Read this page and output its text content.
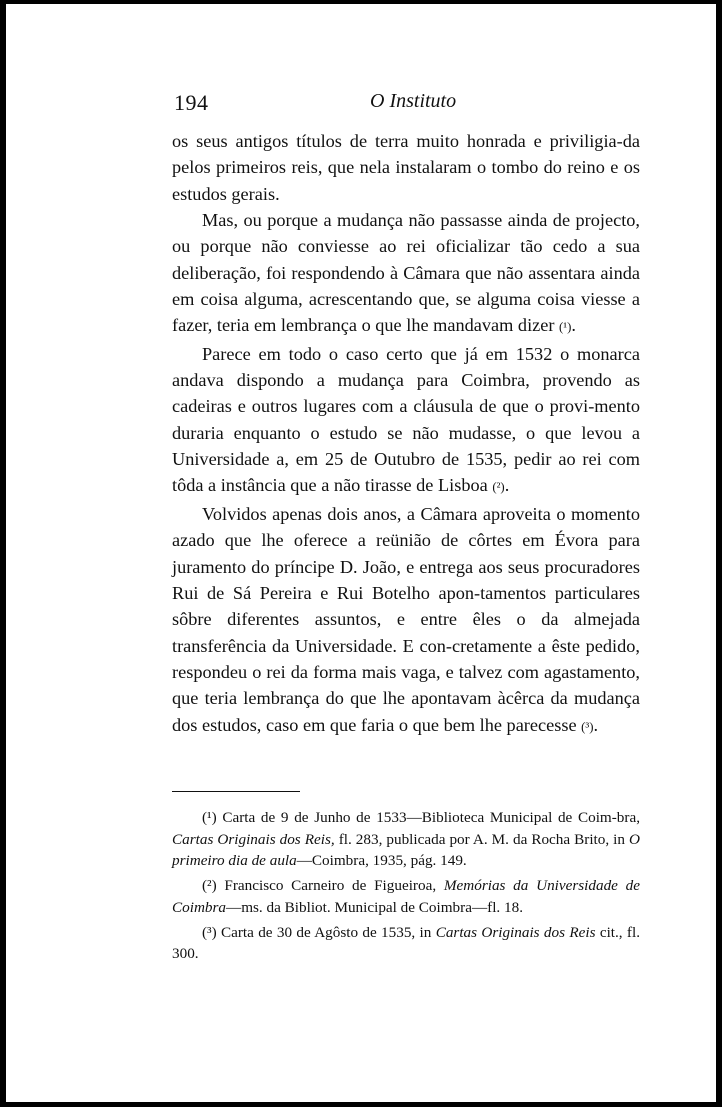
194	O Instituto

os seus antigos títulos de terra muito honrada e priviligia-da pelos primeiros reis, que nela instalaram o tombo do reino e os estudos gerais.

Mas, ou porque a mudança não passasse ainda de projecto, ou porque não conviesse ao rei oficializar tão cedo a sua deliberação, foi respondendo à Câmara que não assentara ainda em coisa alguma, acrescentando que, se alguma coisa viesse a fazer, teria em lembrança o que lhe mandavam dizer (¹).

Parece em todo o caso certo que já em 1532 o monarca andava dispondo a mudança para Coimbra, provendo as cadeiras e outros lugares com a cláusula de que o provi-mento duraria enquanto o estudo se não mudasse, o que levou a Universidade a, em 25 de Outubro de 1535, pedir ao rei com tôda a instância que a não tirasse de Lisboa (²).

Volvidos apenas dois anos, a Câmara aproveita o momento azado que lhe oferece a reünião de côrtes em Évora para juramento do príncipe D. João, e entrega aos seus procuradores Rui de Sá Pereira e Rui Botelho apon-tamentos particulares sôbre diferentes assuntos, e entre êles o da almejada transferência da Universidade. E con-cretamente a êste pedido, respondeu o rei da forma mais vaga, e talvez com agastamento, que teria lembrança do que lhe apontavam àcêrca da mudança dos estudos, caso em que faria o que bem lhe parecesse (³).

(¹) Carta de 9 de Junho de 1533—Biblioteca Municipal de Coim-bra, Cartas Originais dos Reis, fl. 283, publicada por A. M. da Rocha Brito, in O primeiro dia de aula—Coimbra, 1935, pág. 149.

(²) Francisco Carneiro de Figueiroa, Memórias da Universidade de Coimbra—ms. da Bibliot. Municipal de Coimbra—fl. 18.

(³) Carta de 30 de Agôsto de 1535, in Cartas Originais dos Reis cit., fl. 300.
